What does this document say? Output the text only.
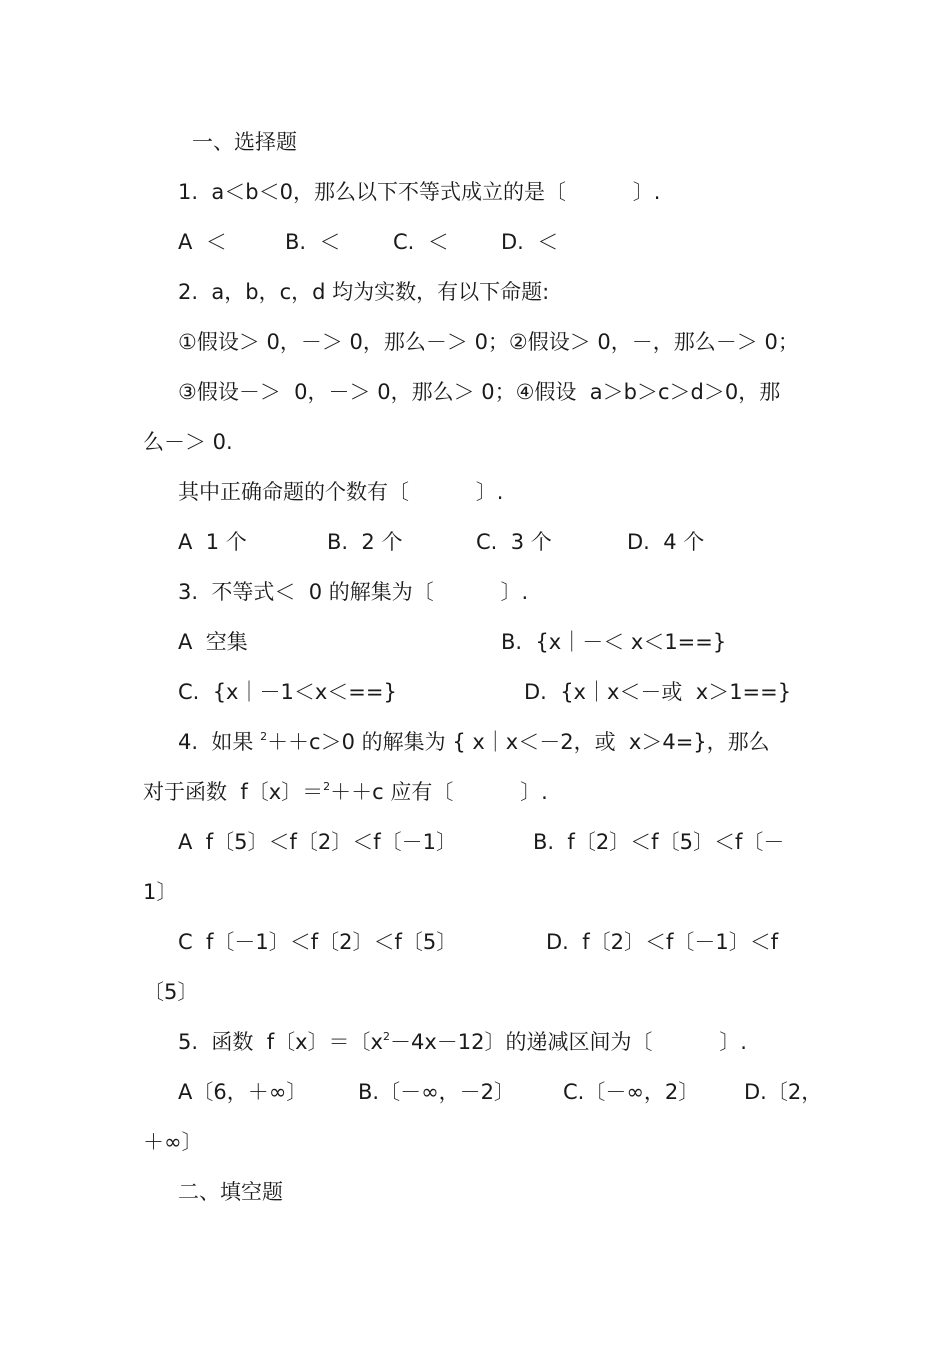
一、选择题
1.  a＜b＜0，那么以下不等式成立的是〔          〕.
A  ＜	B.  ＜	C.  ＜ D.  ＜
2.  a，b，c，d 均为实数，有以下命题:
①假设＞ 0，－＞ 0，那么－＞ 0；②假设＞ 0，－，那么－＞ 0；
③假设－＞  0，－＞ 0，那么＞ 0；④假设  a＞b＞c＞d＞0，那
么－＞ 0.
其中正确命题的个数有〔          〕.
A  1 个	B.  2 个	C.  3 个	D.  4 个
3.  不等式＜  0 的解集为〔          〕.
A  空集	B.  {x｜－＜ x＜1==}
C.  {x｜－1＜x＜==}	D.  {x｜x＜－或  x＞1==}
4.  如果 $^2$＋＋c＞0 的解集为 { x｜x＜－2，或  x＞4=}，那么
对于函数  f〔x〕＝$^2$＋＋c 应有〔          〕.
A  f〔5〕＜f〔2〕＜f〔－1〕	B.  f〔2〕＜f〔5〕＜f〔－
1〕
C  f〔－1〕＜f〔2〕＜f〔5〕	D.  f〔2〕＜f〔－1〕＜f
〔5〕
5.  函数  f〔x〕＝〔$x^2-4x-12$〕的递减区间为〔          〕.
A〔6，＋∞〕 B.〔－∞，－2〕 C.〔－∞，2〕 D.〔2，
＋∞〕
二、填空题
